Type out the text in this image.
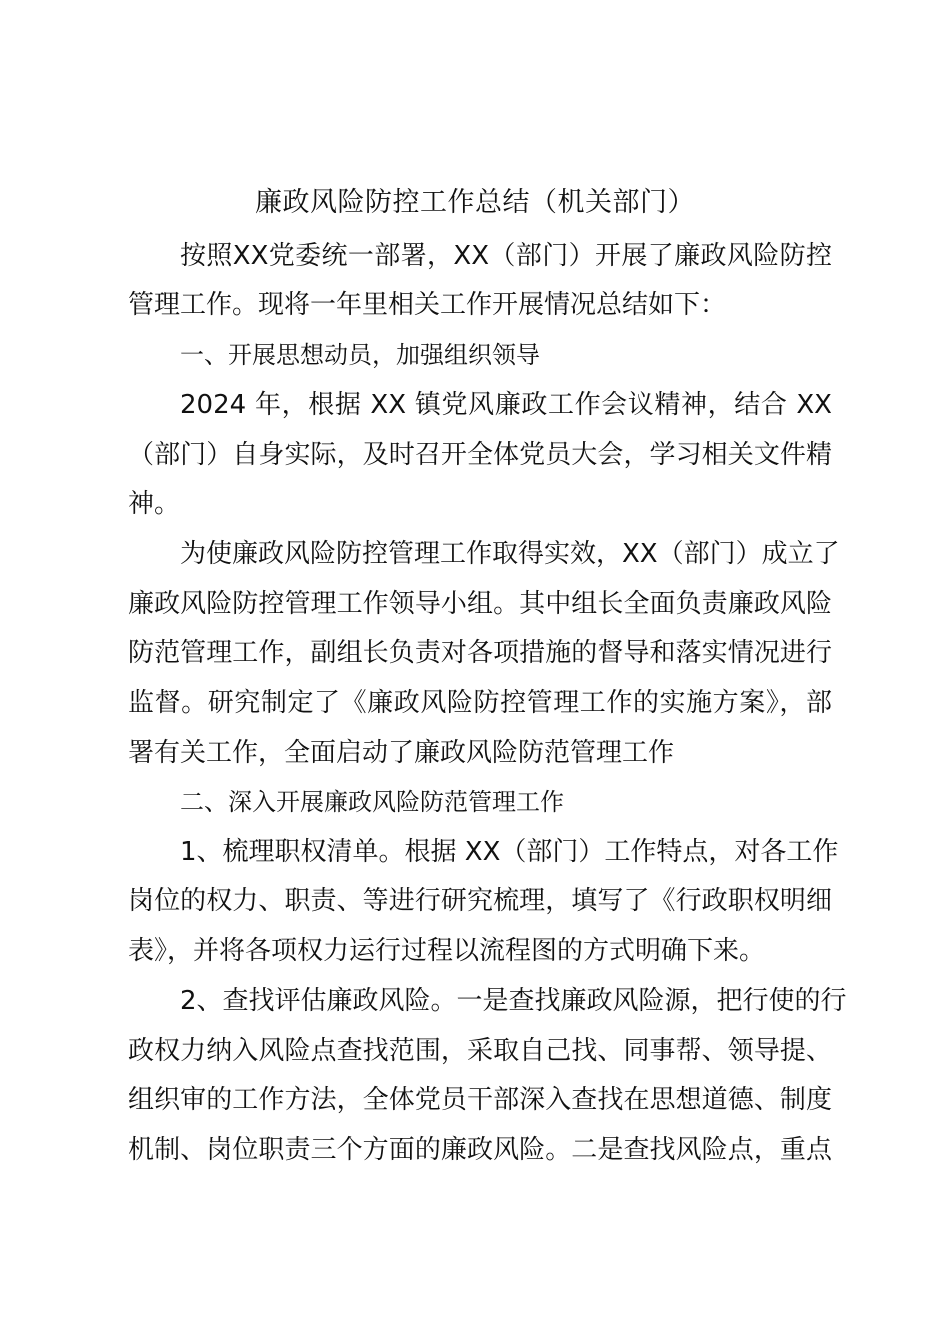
廉政风险防控工作总结（机关部门）
按照XX党委统一部署，XX（部门）开展了廉政风险防控
管理工作。现将一年里相关工作开展情况总结如下：
一、开展思想动员，加强组织领导
2024 年，根据 XX 镇党风廉政工作会议精神，结合 XX
（部门）自身实际，及时召开全体党员大会，学习相关文件精
神。
为使廉政风险防控管理工作取得实效，XX（部门）成立了
廉政风险防控管理工作领导小组。其中组长全面负责廉政风险
防范管理工作，副组长负责对各项措施的督导和落实情况进行
监督。研究制定了《廉政风险防控管理工作的实施方案》，部
署有关工作，全面启动了廉政风险防范管理工作
二、深入开展廉政风险防范管理工作
1、梳理职权清单。根据 XX（部门）工作特点，对各工作
岗位的权力、职责、等进行研究梳理，填写了《行政职权明细
表》，并将各项权力运行过程以流程图的方式明确下来。
2、查找评估廉政风险。一是查找廉政风险源，把行使的行
政权力纳入风险点查找范围，采取自己找、同事帮、领导提、
组织审的工作方法，全体党员干部深入查找在思想道德、制度
机制、岗位职责三个方面的廉政风险。二是查找风险点，重点
